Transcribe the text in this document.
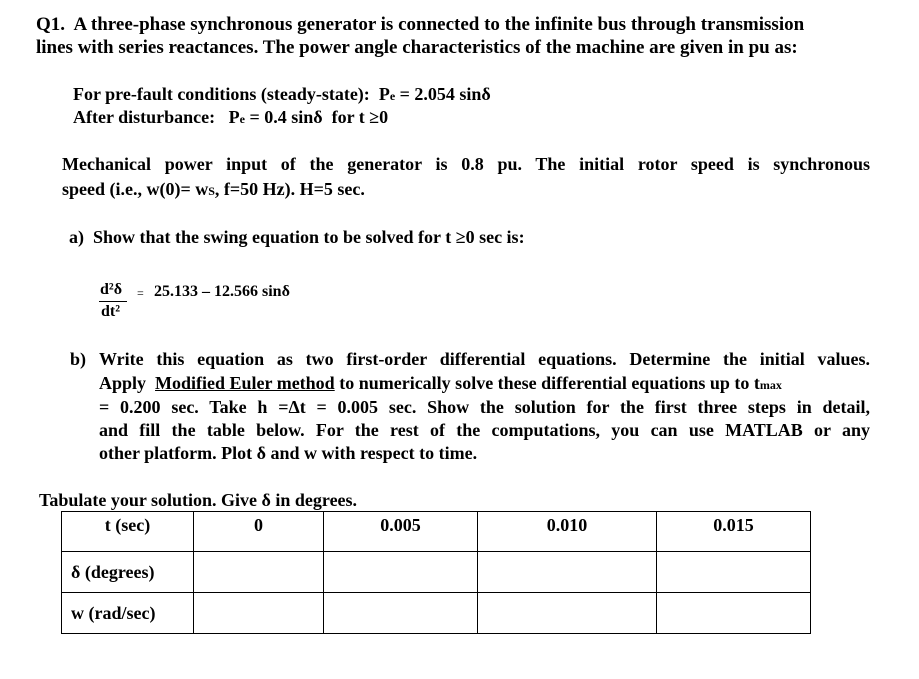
Q1. A three-phase synchronous generator is connected to the infinite bus through transmission
lines with series reactances. The power angle characteristics of the machine are given in pu as:
For pre-fault conditions (steady-state): Pe = 2.054 sinδ
After disturbance: Pe = 0.4 sinδ for t ≥0
Mechanical power input of the generator is 0.8 pu. The initial rotor speed is synchronous
speed (i.e., w(0)= wS, f=50 Hz). H=5 sec.
a) Show that the swing equation to be solved for t ≥0 sec is:
d²δ
dt²
= 25.133 – 12.566 sinδ
b) Write this equation as two first-order differential equations. Determine the initial values.
Apply Modified Euler method to numerically solve these differential equations up to tmax
= 0.200 sec. Take h =Δt = 0.005 sec. Show the solution for the first three steps in detail,
and fill the table below. For the rest of the computations, you can use MATLAB or any
other platform. Plot δ and w with respect to time.
Tabulate your solution. Give δ in degrees.
t (sec)	0	0.005	0.010	0.015
δ (degrees)				
w (rad/sec)				
